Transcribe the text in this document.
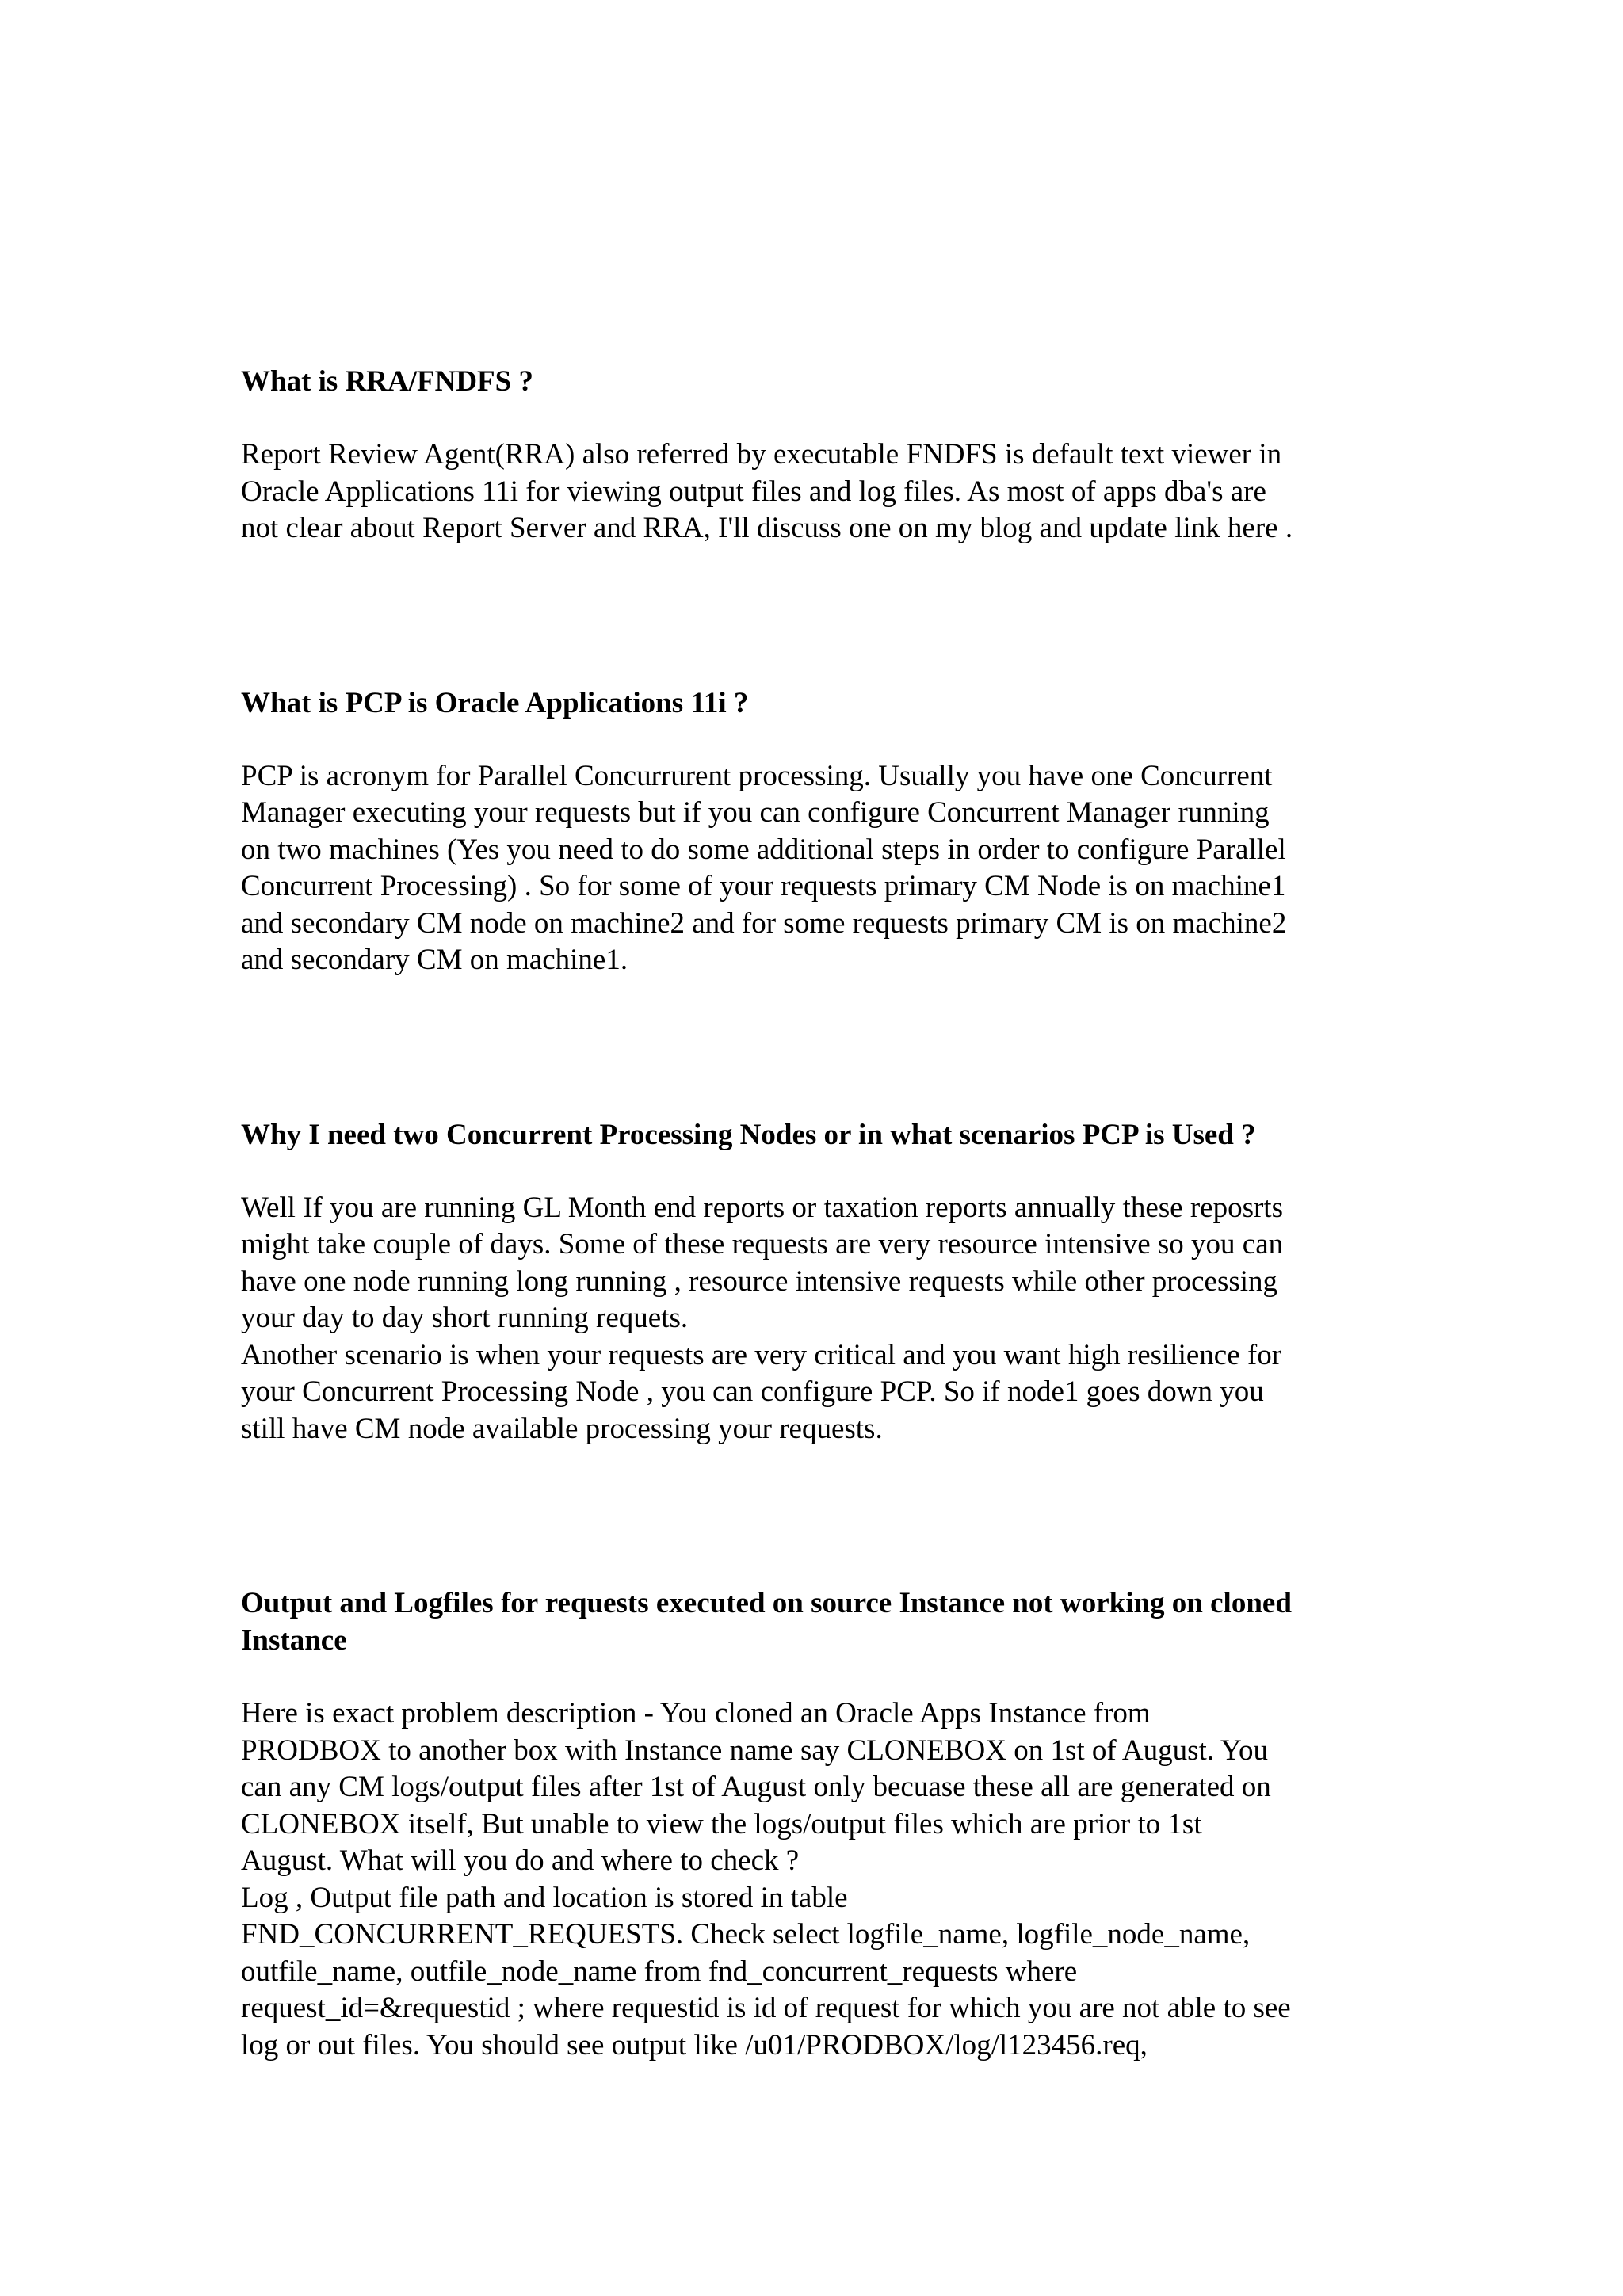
What is RRA/FNDFS ?

Report Review Agent(RRA) also referred by executable FNDFS is default text viewer in
Oracle Applications 11i for viewing output files and log files. As most of apps dba's are
not clear about Report Server and RRA, I'll discuss one on my blog and update link here .

What is PCP is Oracle Applications 11i ?

PCP is acronym for Parallel Concurrurent processing. Usually you have one Concurrent
Manager executing your requests but if you can configure Concurrent Manager running
on two machines (Yes you need to do some additional steps in order to configure Parallel
Concurrent Processing) . So for some of your requests primary CM Node is on machine1
and secondary CM node on machine2 and for some requests primary CM is on machine2
and secondary CM on machine1.

Why I need two Concurrent Processing Nodes or in what scenarios PCP is Used ?

Well If you are running GL Month end reports or taxation reports annually these reposrts
might take couple of days. Some of these requests are very resource intensive so you can
have one node running long running , resource intensive requests while other processing
your day to day short running requets.

Another scenario is when your requests are very critical and you want high resilience for
your Concurrent Processing Node , you can configure PCP. So if node1 goes down you
still have CM node available processing your requests.

Output and Logfiles for requests executed on source Instance not working on cloned
Instance

Here is exact problem description - You cloned an Oracle Apps Instance from
PRODBOX to another box with Instance name say CLONEBOX on 1st of August. You
can any CM logs/output files after 1st of August only becuase these all are generated on
CLONEBOX itself, But unable to view the logs/output files which are prior to 1st
August. What will you do and where to check ?

Log , Output file path and location is stored in table
FND_CONCURRENT_REQUESTS. Check select logfile_name, logfile_node_name,
outfile_name, outfile_node_name from fnd_concurrent_requests where
request_id=&requestid ; where requestid is id of request for which you are not able to see
log or out files. You should see output like /u01/PRODBOX/log/l123456.req,
